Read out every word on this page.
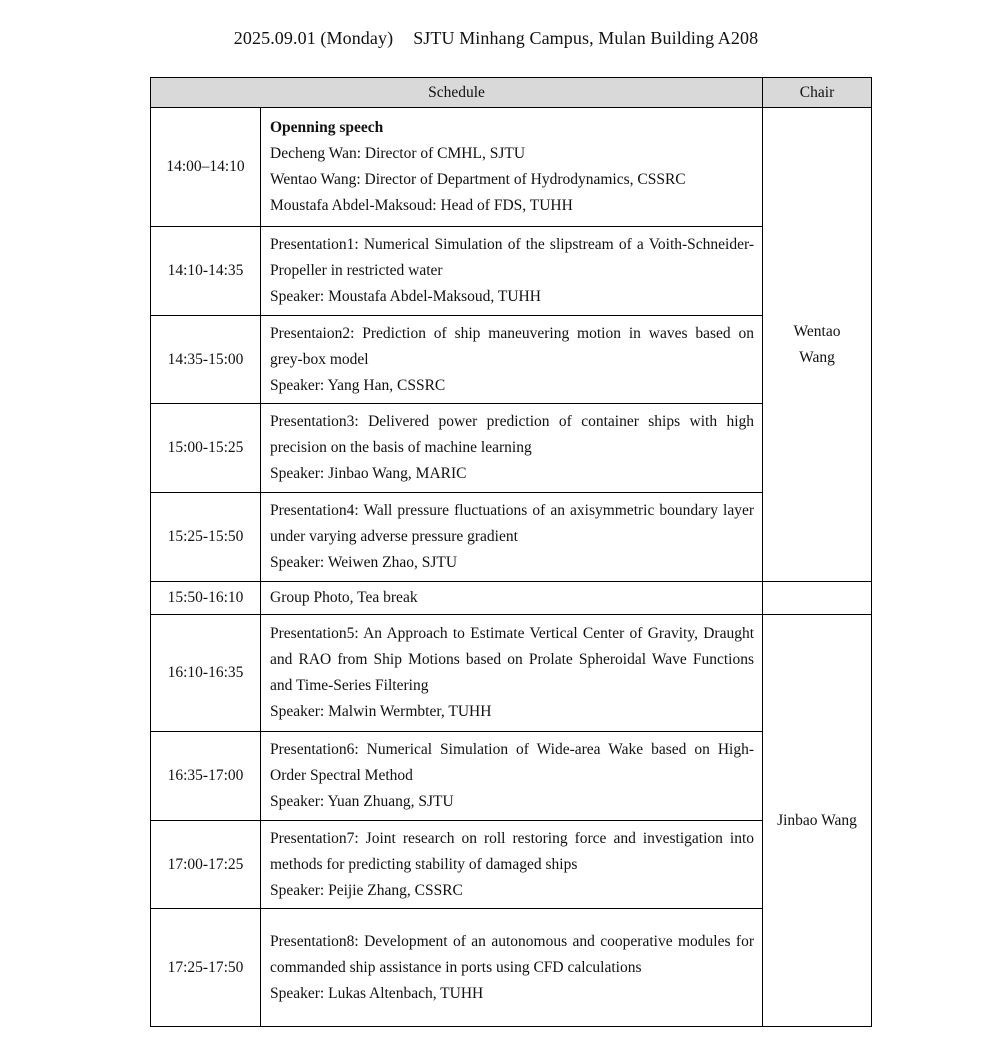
2025.09.01 (Monday) SJTU Minhang Campus, Mulan Building A208
Schedule		Chair
14:00–14:10	Openning speech
Decheng Wan: Director of CMHL, SJTU
Wentao Wang: Director of Department of Hydrodynamics, CSSRC
Moustafa Abdel-Maksoud: Head of FDS, TUHH	Wentao
Wang

14:10-14:35	Presentation1: Numerical Simulation of the slipstream of a Voith-Schneider-Propeller in restricted water
Speaker: Moustafa Abdel-Maksoud, TUHH	

14:35-15:00	Presentaion2: Prediction of ship maneuvering motion in waves based on grey-box model
Speaker: Yang Han, CSSRC	

15:00-15:25	Presentation3: Delivered power prediction of container ships with high precision on the basis of machine learning
Speaker: Jinbao Wang, MARIC	

15:25-15:50	Presentation4: Wall pressure fluctuations of an axisymmetric boundary layer under varying adverse pressure gradient
Speaker: Weiwen Zhao, SJTU	

15:50-16:10	Group Photo, Tea break	

16:10-16:35	Presentation5: An Approach to Estimate Vertical Center of Gravity, Draught and RAO from Ship Motions based on Prolate Spheroidal Wave Functions and Time-Series Filtering
Speaker: Malwin Wermbter, TUHH	Jinbao Wang
16:35-17:00	Presentation6: Numerical Simulation of Wide-area Wake based on High-Order Spectral Method
Speaker: Yuan Zhuang, SJTU	

17:00-17:25	Presentation7: Joint research on roll restoring force and investigation into methods for predicting stability of damaged ships
Speaker: Peijie Zhang, CSSRC	

17:25-17:50	Presentation8: Development of an autonomous and cooperative modules for commanded ship assistance in ports using CFD calculations
Speaker: Lukas Altenbach, TUHH	
